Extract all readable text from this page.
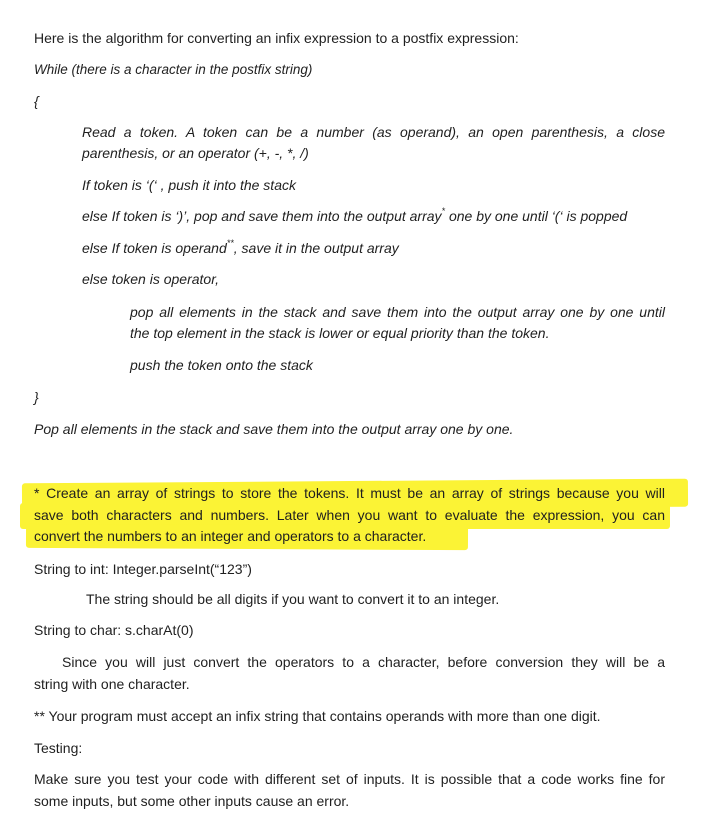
Here is the algorithm for converting an infix expression to a postfix expression:
While (there is a character in the postfix string)
{
Read a token. A token can be a number (as operand), an open parenthesis, a close
parenthesis, or an operator (+, -, *, /)
If token is ‘(‘ , push it into the stack
else If token is ‘)’, pop and save them into the output array* one by one until ‘(‘ is popped
else If token is operand**, save it in the output array
else token is operator,
pop all elements in the stack and save them into the output array one by one until
the top element in the stack is lower or equal priority than the token.
push the token onto the stack
}
Pop all elements in the stack and save them into the output array one by one.
* Create an array of strings to store the tokens. It must be an array of strings because you will
save both characters and numbers. Later when you want to evaluate the expression, you can
convert the numbers to an integer and operators to a character.
String to int: Integer.parseInt(“123”)
The string should be all digits if you want to convert it to an integer.
String to char: s.charAt(0)
Since you will just convert the operators to a character, before conversion they will be a
string with one character.
** Your program must accept an infix string that contains operands with more than one digit.
Testing:
Make sure you test your code with different set of inputs. It is possible that a code works fine for
some inputs, but some other inputs cause an error.
